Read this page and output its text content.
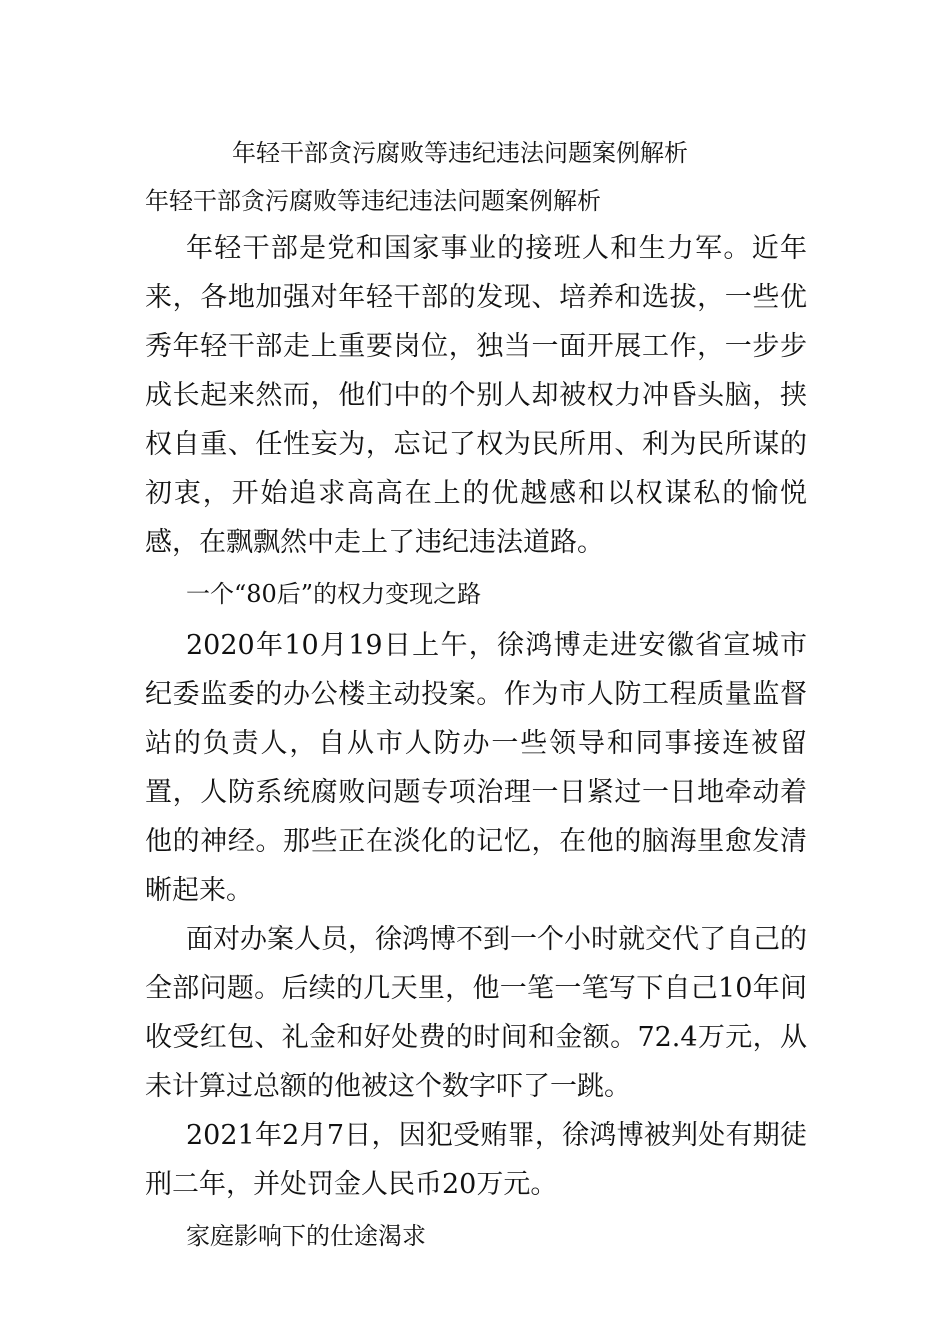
年轻干部贪污腐败等违纪违法问题案例解析
年轻干部贪污腐败等违纪违法问题案例解析

年轻干部是党和国家事业的接班人和生力军。近年来，各地加强对年轻干部的发现、培养和选拔，一些优秀年轻干部走上重要岗位，独当一面开展工作，一步步成长起来然而，他们中的个别人却被权力冲昏头脑，挟权自重、任性妄为，忘记了权为民所用、利为民所谋的初衷，开始追求高高在上的优越感和以权谋私的愉悦感，在飘飘然中走上了违纪违法道路。

一个“80后”的权力变现之路

2020年10月19日上午，徐鸿博走进安徽省宣城市纪委监委的办公楼主动投案。作为市人防工程质量监督站的负责人，自从市人防办一些领导和同事接连被留置，人防系统腐败问题专项治理一日紧过一日地牵动着他的神经。那些正在淡化的记忆，在他的脑海里愈发清晰起来。

面对办案人员，徐鸿博不到一个小时就交代了自己的全部问题。后续的几天里，他一笔一笔写下自己10年间收受红包、礼金和好处费的时间和金额。72.4万元，从未计算过总额的他被这个数字吓了一跳。

2021年2月7日，因犯受贿罪，徐鸿博被判处有期徒刑二年，并处罚金人民币20万元。

家庭影响下的仕途渴求
